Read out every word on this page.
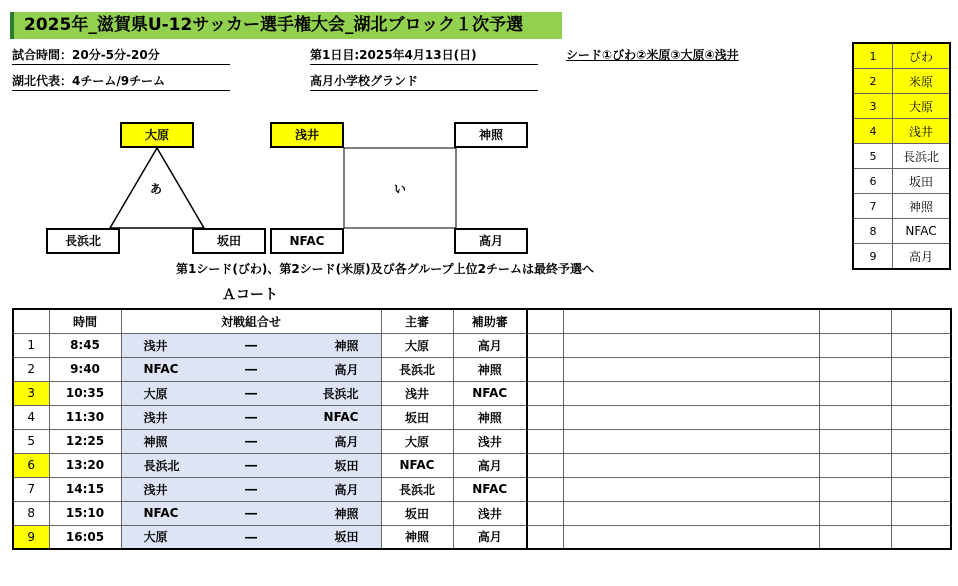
2025年_滋賀県U-12サッカー選手権大会_湖北ブロック１次予選
試合時間：20分-5分-20分
湖北代表：4チーム/9チーム
第1日目:2025年4月13日(日)
高月小学校グランド
シード①びわ②米原③大原④浅井	1	びわ
2	米原
3	大原
4	浅井
5	長浜北
6	坂田
7	神照
8	NFAC
9	高月
大原
あ
長浜北	坂田
浅井	神照
い
NFAC	高月
第1シード(びわ)、第2シード(米原)及び各グループ上位2チームは最終予選へ
Ａコート
	時間	対戦組合せ			主審	補助審				
1	8:45	浅井	―	神照	大原	高月				
2	9:40	NFAC	―	高月	長浜北	神照				
3	10:35	大原	―	長浜北	浅井	NFAC				
4	11:30	浅井	―	NFAC	坂田	神照				
5	12:25	神照	―	高月	大原	浅井				
6	13:20	長浜北	―	坂田	NFAC	高月				
7	14:15	浅井	―	高月	長浜北	NFAC				
8	15:10	NFAC	―	神照	坂田	浅井				
9	16:05	大原	―	坂田	神照	高月				
